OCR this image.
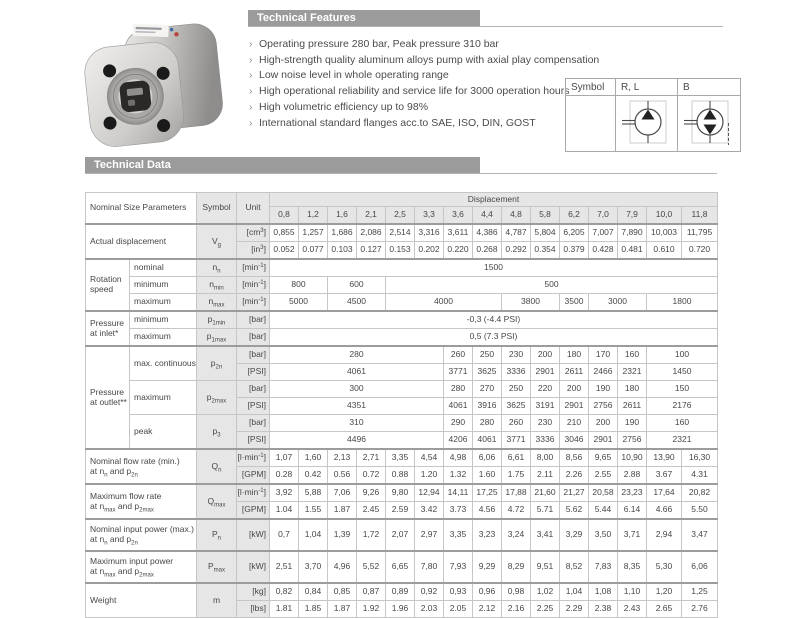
Technical Features
› Operating pressure 280 bar, Peak pressure 310 bar
› High-strength quality aluminum alloys pump with axial play compensation
› Low noise level in whole operating range
› High operational reliability and service life for 3000 operation hours
› High volumetric efficiency up to 98%
› International standard flanges acc.to SAE, ISO, DIN, GOST
Symbol	R, L	B

Technical Data
Nominal Size Parameters		Symbol	Unit	Displacement														
				0,8	1,2	1,6	2,1	2,5	3,3	3,6	4,4	4,8	5,8	6,2	7,0	7,9	10,0	11,8
Actual displacement		$V_g$	$[cm^3]$	0,855	1,257	1,686	2,086	2,514	3,316	3,611	4,386	4,787	5,804	6,205	7,007	7,890	10,003	11,795
			$[in^3]$	0.052	0.077	0.103	0.127	0.153	0.202	0.220	0.268	0.292	0.354	0.379	0.428	0.481	0.610	0.720
Rotation
speed	nominal	$n_n$	$[\min^{-1}]$	1500														
	minimum	$n_{min}$	$[\min^{-1}]$	800		600		500										
	maximum	$n_{max}$	$[\min^{-1}]$	5000		4500		4000				3800		3500	3000		1800	
Pressure
at inlet*	minimum	$p_{1min}$	[bar]	-0,3 (-4.4 PSI)														
	maximum	$p_{1max}$	[bar]	0,5 (7.3 PSI)														
Pressure
at outlet**	max. continuous	$p_{2n}$	[bar]	280						260	250	230	200	180	170	160	100	
			[PSI]	4061						3771	3625	3336	2901	2611	2466	2321	1450	
	maximum	$p_{2max}$	[bar]	300						280	270	250	220	200	190	180	150	
			[PSI]	4351						4061	3916	3625	3191	2901	2756	2611	2176	
	peak	$p_3$	[bar]	310						290	280	260	230	210	200	190	160	
			[PSI]	4496						4206	4061	3771	3336	3046	2901	2756	2321	
Nominal flow rate (min.)
at $n_n$ and $p_{2n}$		$Q_n$	$[l\cdot\min^{-1}]$	1,07	1,60	2,13	2,71	3,35	4,54	4,98	6,06	6,61	8,00	8,56	9,65	10,90	13,90	16,30
			[GPM]	0.28	0.42	0.56	0.72	0.88	1.20	1.32	1.60	1.75	2.11	2.26	2.55	2.88	3.67	4.31
Maximum flow rate
at $n_{max}$ and $p_{2max}$		$Q_{max}$	$[l\cdot\min^{-1}]$	3,92	5,88	7,06	9,26	9,80	12,94	14,11	17,25	17,88	21,60	21,27	20,58	23,23	17,64	20,82
			[GPM]	1.04	1.55	1.87	2.45	2.59	3.42	3.73	4.56	4.72	5.71	5.62	5.44	6.14	4.66	5.50
Nominal input power (max.)
at $n_n$ and $p_{2n}$		$P_n$	[kW]	0,7	1,04	1,39	1,72	2,07	2,97	3,35	3,23	3,24	3,41	3,29	3,50	3,71	2,94	3,47
Maximum input power
at $n_{max}$ and $p_{2max}$		$P_{max}$	[kW]	2,51	3,70	4,96	5,52	6,65	7,80	7,93	9,29	8,29	9,51	8,52	7,83	8,35	5,30	6,06
Weight		m	[kg]	0,82	0,84	0,85	0,87	0,89	0,92	0,93	0,96	0,98	1,02	1,04	1,08	1,10	1,20	1,25
			[lbs]	1.81	1.85	1.87	1.92	1.96	2.03	2.05	2.12	2.16	2.25	2.29	2.38	2.43	2.65	2.76
